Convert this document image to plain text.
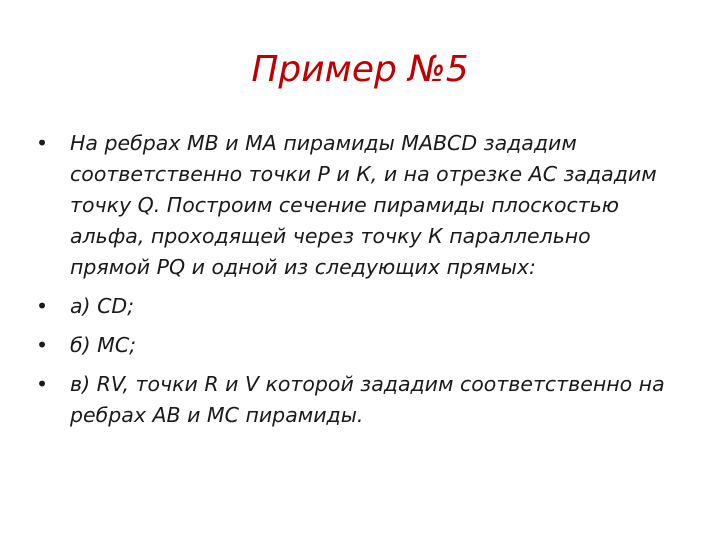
Пример №5
• На ребрах МВ и МА пирамиды МАВСD зададим соответственно точки Р и К, и на отрезке АС зададим точку Q. Построим сечение пирамиды плоскостью альфа, проходящей через точку К параллельно прямой PQ и одной из следующих прямых:
• а) CD;
• б) МС;
• в) RV, точки R и V которой зададим соответственно на ребрах АВ и МС пирамиды.
